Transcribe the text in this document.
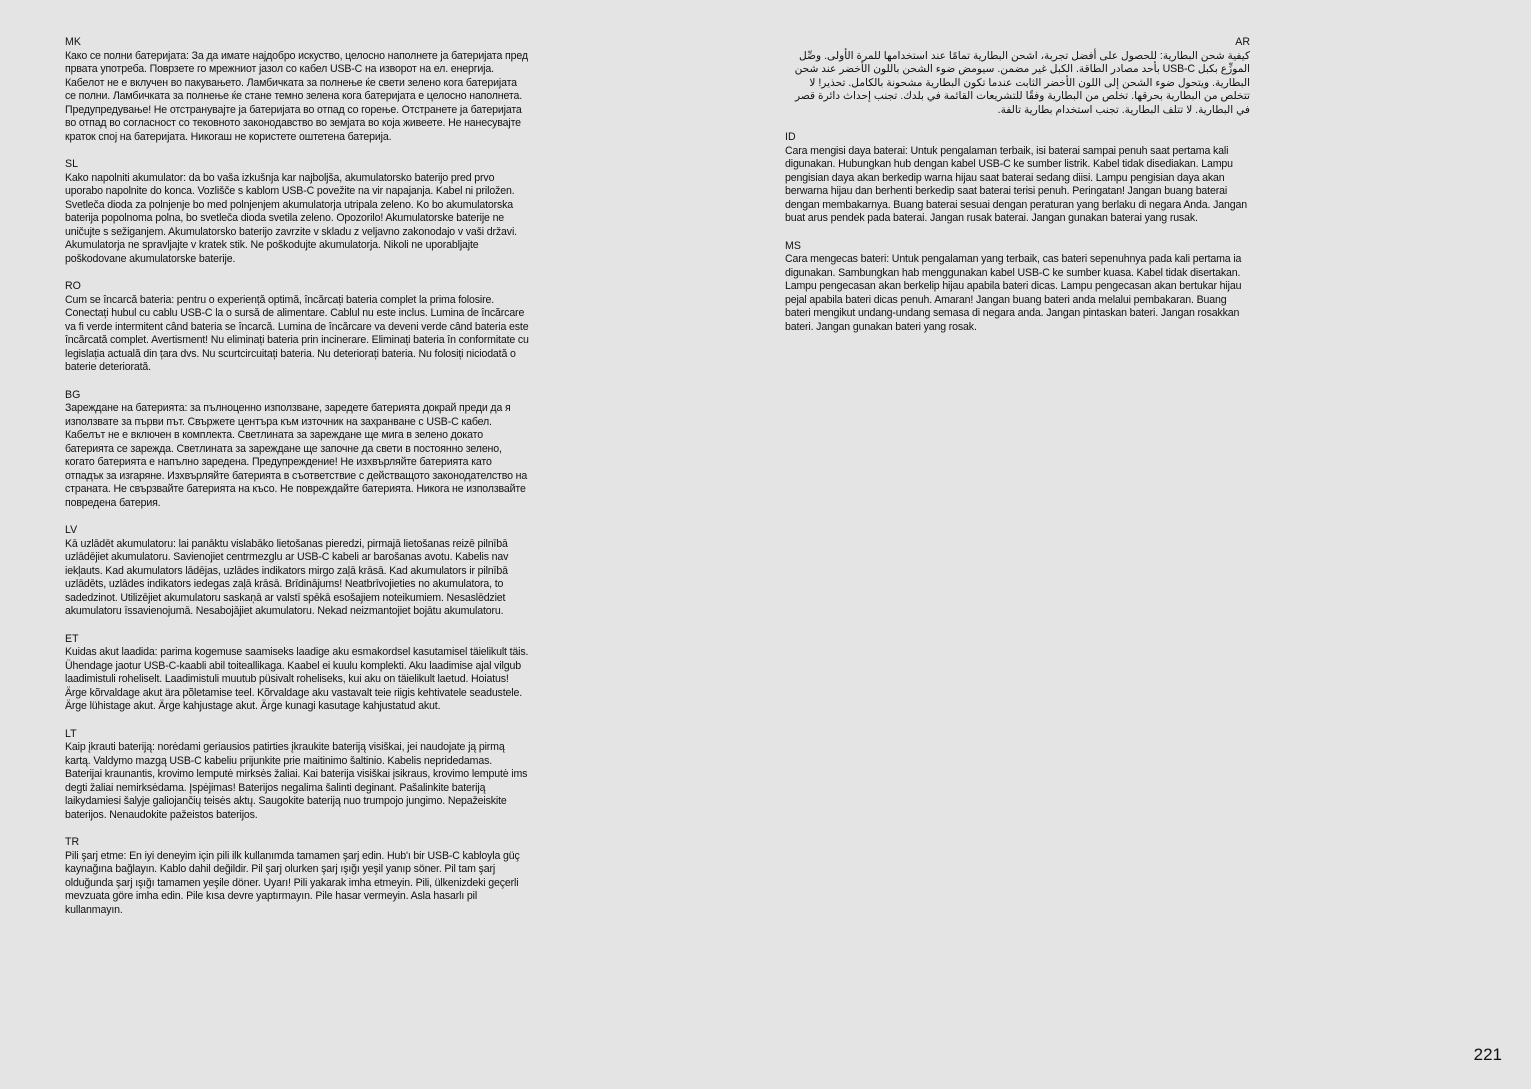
MK

Како се полни батеријата: За да имате најдобро искуство, целосно наполнете ја батеријата пред првата употреба. Поврзете го мрежниот јазол со кабел USB-C на изворот на ел. енергија. Кабелот не е вклучен во пакувањето. Ламбичката за полнење ќе свети зелено кога батеријата се полни. Ламбичката за полнење ќе стане темно зелена кога батеријата е целосно наполнета. Предупредување! Не отстранувајте ја батеријата во отпад со горење. Отстранете ја батеријата во отпад во согласност со тековното законодавство во земјата во која живеете. Не нанесувајте краток спој на батеријата. Никогаш не користете оштетена батерија.

SL

Kako napolniti akumulator: da bo vaša izkušnja kar najboljša, akumulatorsko baterijo pred prvo uporabo napolnite do konca. Vozlišče s kablom USB-C povežite na vir napajanja. Kabel ni priložen. Svetleča dioda za polnjenje bo med polnjenjem akumulatorja utripala zeleno. Ko bo akumulatorska baterija popolnoma polna, bo svetleča dioda svetila zeleno. Opozorilo! Akumulatorske baterije ne uničujte s sežiganjem. Akumulatorsko baterijo zavrzite v skladu z veljavno zakonodajo v vaši državi. Akumulatorja ne spravljajte v kratek stik. Ne poškodujte akumulatorja. Nikoli ne uporabljajte poškodovane akumulatorske baterije.

RO

Cum se încarcă bateria: pentru o experiență optimă, încărcați bateria complet la prima folosire. Conectați hubul cu cablu USB-C la o sursă de alimentare. Cablul nu este inclus. Lumina de încărcare va fi verde intermitent când bateria se încarcă. Lumina de încărcare va deveni verde când bateria este încărcată complet. Avertisment! Nu eliminați bateria prin incinerare. Eliminați bateria în conformitate cu legislația actuală din țara dvs. Nu scurtcircuitați bateria. Nu deteriorați bateria. Nu folosiți niciodată o baterie deteriorată.

BG

Зареждане на батерията: за пълноценно използване, заредете батерията докрай преди да я използвате за първи път. Свържете центъра към източник на захранване с USB-C кабел. Кабелът не е включен в комплекта. Светлината за зареждане ще мига в зелено докато батерията се зарежда. Светлината за зареждане ще започне да свети в постоянно зелено, когато батерията е напълно заредена. Предупреждение! Не изхвърляйте батерията като отпадък за изгаряне. Изхвърляйте батерията в съответствие с действащото законодателство на страната. Не свързвайте батерията на късо. Не повреждайте батерията. Никога не използвайте повредена батерия.

LV

Kā uzlādēt akumulatoru: lai panāktu vislabāko lietošanas pieredzi, pirmajā lietošanas reizē pilnībā uzlādējiet akumulatoru. Savienojiet centrmezglu ar USB-C kabeli ar barošanas avotu. Kabelis nav iekļauts. Kad akumulators lādējas, uzlādes indikators mirgo zaļā krāsā. Kad akumulators ir pilnībā uzlādēts, uzlādes indikators iedegas zaļā krāsā. Brīdinājums! Neatbrīvojieties no akumulatora, to sadedzinot. Utilizējiet akumulatoru saskaņā ar valstī spēkā esošajiem noteikumiem. Nesaslēdziet akumulatoru īssavienojumā. Nesabojājiet akumulatoru. Nekad neizmantojiet bojātu akumulatoru.

ET

Kuidas akut laadida: parima kogemuse saamiseks laadige aku esmakordsel kasutamisel täielikult täis. Ühendage jaotur USB-C-kaabli abil toiteallikaga. Kaabel ei kuulu komplekti. Aku laadimise ajal vilgub laadimistuli roheliselt. Laadimistuli muutub püsivalt roheliseks, kui aku on täielikult laetud. Hoiatus! Ärge kõrvaldage akut ära põletamise teel. Kõrvaldage aku vastavalt teie riigis kehtivatele seadustele. Ärge lühistage akut. Ärge kahjustage akut. Ärge kunagi kasutage kahjustatud akut.

LT

Kaip įkrauti bateriją: norėdami geriausios patirties įkraukite bateriją visiškai, jei naudojate ją pirmą kartą. Valdymo mazgą USB-C kabeliu prijunkite prie maitinimo šaltinio. Kabelis nepridedamas. Baterijai kraunantis, krovimo lemputė mirksės žaliai. Kai baterija visiškai įsikraus, krovimo lemputė ims degti žaliai nemirksėdama. Įspėjimas! Baterijos negalima šalinti deginant. Pašalinkite bateriją laikydamiesi šalyje galiojančių teisės aktų. Saugokite bateriją nuo trumpojo jungimo. Nepažeiskite baterijos. Nenaudokite pažeistos baterijos.

TR

Pili şarj etme: En iyi deneyim için pili ilk kullanımda tamamen şarj edin. Hub'ı bir USB-C kabloyla güç kaynağına bağlayın. Kablo dahil değildir. Pil şarj olurken şarj ışığı yeşil yanıp söner. Pil tam şarj olduğunda şarj ışığı tamamen yeşile döner. Uyarı! Pili yakarak imha etmeyin. Pili, ülkenizdeki geçerli mevzuata göre imha edin. Pile kısa devre yaptırmayın. Pile hasar vermeyin. Asla hasarlı pil kullanmayın.

AR

كيفية شحن البطارية: للحصول على أفضل تجربة، اشحن البطارية تمامًا عند استخدامها للمرة الأولى. وصِّل الموزِّع بكبل USB-C بأحد مصادر الطاقة. الكبل غير مضمن. سيومض ضوء الشحن باللون الأخضر عند شحن البطارية. ويتحول ضوء الشحن إلى اللون الأخضر الثابت عندما تكون البطارية مشحونة بالكامل. تحذير! لا تتخلص من البطارية بحرقها. تخلص من البطارية وفقًا للتشريعات القائمة في بلدك. تجنب إحداث دائرة قصر في البطارية. لا تتلف البطارية. تجنب استخدام بطارية تالفة.

ID

Cara mengisi daya baterai: Untuk pengalaman terbaik, isi baterai sampai penuh saat pertama kali digunakan. Hubungkan hub dengan kabel USB-C ke sumber listrik. Kabel tidak disediakan. Lampu pengisian daya akan berkedip warna hijau saat baterai sedang diisi. Lampu pengisian daya akan berwarna hijau dan berhenti berkedip saat baterai terisi penuh. Peringatan! Jangan buang baterai dengan membakarnya. Buang baterai sesuai dengan peraturan yang berlaku di negara Anda. Jangan buat arus pendek pada baterai. Jangan rusak baterai. Jangan gunakan baterai yang rusak.

MS

Cara mengecas bateri: Untuk pengalaman yang terbaik, cas bateri sepenuhnya pada kali pertama ia digunakan. Sambungkan hab menggunakan kabel USB-C ke sumber kuasa. Kabel tidak disertakan. Lampu pengecasan akan berkelip hijau apabila bateri dicas. Lampu pengecasan akan bertukar hijau pejal apabila bateri dicas penuh. Amaran! Jangan buang bateri anda melalui pembakaran. Buang bateri mengikut undang-undang semasa di negara anda. Jangan pintaskan bateri. Jangan rosakkan bateri. Jangan gunakan bateri yang rosak.

221
